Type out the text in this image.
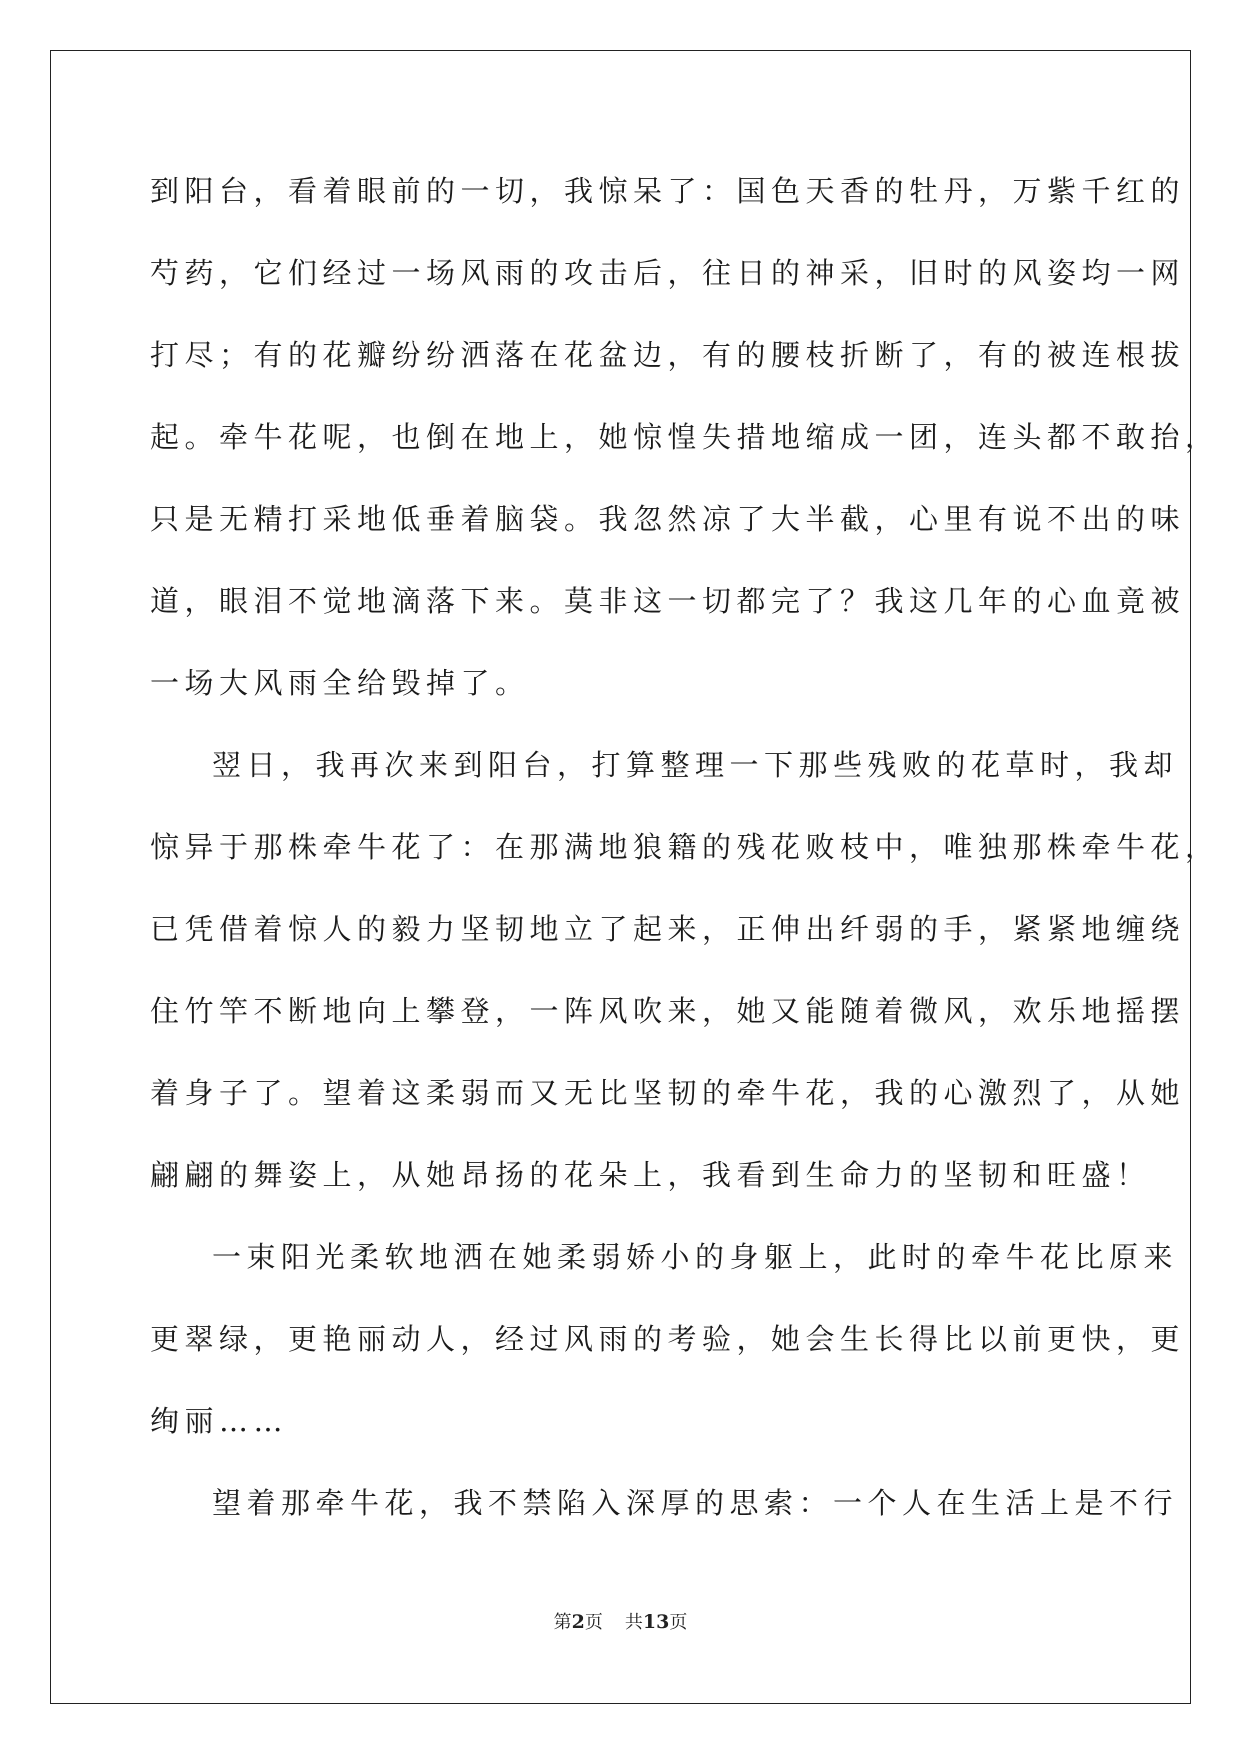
到阳台，看着眼前的一切，我惊呆了：国色天香的牡丹，万紫千红的
芍药，它们经过一场风雨的攻击后，往日的神采，旧时的风姿均一网
打尽；有的花瓣纷纷洒落在花盆边，有的腰枝折断了，有的被连根拔
起。牵牛花呢，也倒在地上，她惊惶失措地缩成一团，连头都不敢抬，
只是无精打采地低垂着脑袋。我忽然凉了大半截，心里有说不出的味
道，眼泪不觉地滴落下来。莫非这一切都完了？我这几年的心血竟被
一场大风雨全给毁掉了。
翌日，我再次来到阳台，打算整理一下那些残败的花草时，我却
惊异于那株牵牛花了：在那满地狼籍的残花败枝中，唯独那株牵牛花，
已凭借着惊人的毅力坚韧地立了起来，正伸出纤弱的手，紧紧地缠绕
住竹竿不断地向上攀登，一阵风吹来，她又能随着微风，欢乐地摇摆
着身子了。望着这柔弱而又无比坚韧的牵牛花，我的心激烈了，从她
翩翩的舞姿上，从她昂扬的花朵上，我看到生命力的坚韧和旺盛！
一束阳光柔软地洒在她柔弱娇小的身躯上，此时的牵牛花比原来
更翠绿，更艳丽动人，经过风雨的考验，她会生长得比以前更快，更
绚丽……
望着那牵牛花，我不禁陷入深厚的思索：一个人在生活上是不行
第2页 共13页
